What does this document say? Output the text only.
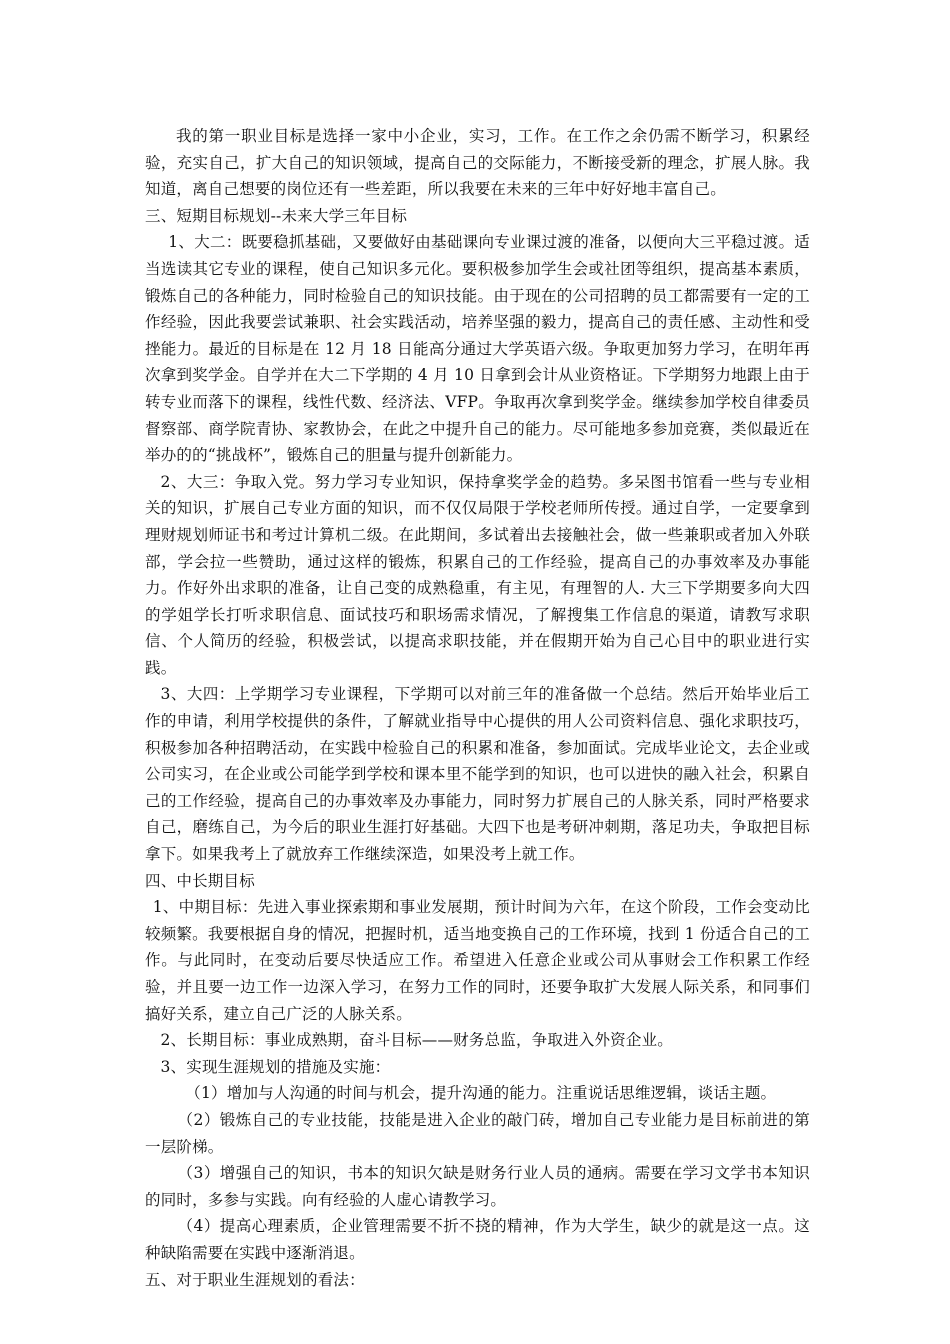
我的第一职业目标是选择一家中小企业，实习，工作。在工作之余仍需不断学习，积累经验，充实自己，扩大自己的知识领域，提高自己的交际能力，不断接受新的理念，扩展人脉。我知道，离自己想要的岗位还有一些差距，所以我要在未来的三年中好好地丰富自己。

三、短期目标规划--未来大学三年目标

1、大二：既要稳抓基础，又要做好由基础课向专业课过渡的准备，以便向大三平稳过渡。适当选读其它专业的课程，使自己知识多元化。要积极参加学生会或社团等组织，提高基本素质，锻炼自己的各种能力，同时检验自己的知识技能。由于现在的公司招聘的员工都需要有一定的工作经验，因此我要尝试兼职、社会实践活动，培养坚强的毅力，提高自己的责任感、主动性和受挫能力。最近的目标是在 12 月 18 日能高分通过大学英语六级。争取更加努力学习，在明年再次拿到奖学金。自学并在大二下学期的 4 月 10 日拿到会计从业资格证。下学期努力地跟上由于转专业而落下的课程，线性代数、经济法、VFP。争取再次拿到奖学金。继续参加学校自律委员督察部、商学院青协、家教协会，在此之中提升自己的能力。尽可能地多参加竞赛，类似最近在举办的的“挑战杯”，锻炼自己的胆量与提升创新能力。

2、大三：争取入党。努力学习专业知识，保持拿奖学金的趋势。多呆图书馆看一些与专业相关的知识，扩展自己专业方面的知识，而不仅仅局限于学校老师所传授。通过自学，一定要拿到理财规划师证书和考过计算机二级。在此期间，多试着出去接触社会，做一些兼职或者加入外联部，学会拉一些赞助，通过这样的锻炼，积累自己的工作经验，提高自己的办事效率及办事能力。作好外出求职的准备，让自己变的成熟稳重，有主见，有理智的人. 大三下学期要多向大四的学姐学长打听求职信息、面试技巧和职场需求情况，了解搜集工作信息的渠道，请教写求职信、个人简历的经验，积极尝试，以提高求职技能，并在假期开始为自己心目中的职业进行实践。

3、大四：上学期学习专业课程，下学期可以对前三年的准备做一个总结。然后开始毕业后工作的申请，利用学校提供的条件，了解就业指导中心提供的用人公司资料信息、强化求职技巧，积极参加各种招聘活动，在实践中检验自己的积累和准备，参加面试。完成毕业论文，去企业或公司实习，在企业或公司能学到学校和课本里不能学到的知识，也可以进快的融入社会，积累自己的工作经验，提高自己的办事效率及办事能力，同时努力扩展自己的人脉关系，同时严格要求自己，磨练自己，为今后的职业生涯打好基础。大四下也是考研冲刺期，落足功夫，争取把目标拿下。如果我考上了就放弃工作继续深造，如果没考上就工作。

四、中长期目标

1、中期目标：先进入事业探索期和事业发展期，预计时间为六年，在这个阶段，工作会变动比较频繁。我要根据自身的情况，把握时机，适当地变换自己的工作环境，找到 1 份适合自己的工作。与此同时，在变动后要尽快适应工作。希望进入任意企业或公司从事财会工作积累工作经验，并且要一边工作一边深入学习，在努力工作的同时，还要争取扩大发展人际关系，和同事们搞好关系，建立自己广泛的人脉关系。

2、长期目标：事业成熟期，奋斗目标——财务总监，争取进入外资企业。

3、实现生涯规划的措施及实施：

（1）增加与人沟通的时间与机会，提升沟通的能力。注重说话思维逻辑，谈话主题。

（2）锻炼自己的专业技能，技能是进入企业的敲门砖，增加自己专业能力是目标前进的第一层阶梯。

（3）增强自己的知识，书本的知识欠缺是财务行业人员的通病。需要在学习文学书本知识的同时，多参与实践。向有经验的人虚心请教学习。

（4）提高心理素质，企业管理需要不折不挠的精神，作为大学生，缺少的就是这一点。这种缺陷需要在实践中逐渐消退。

五、对于职业生涯规划的看法：
